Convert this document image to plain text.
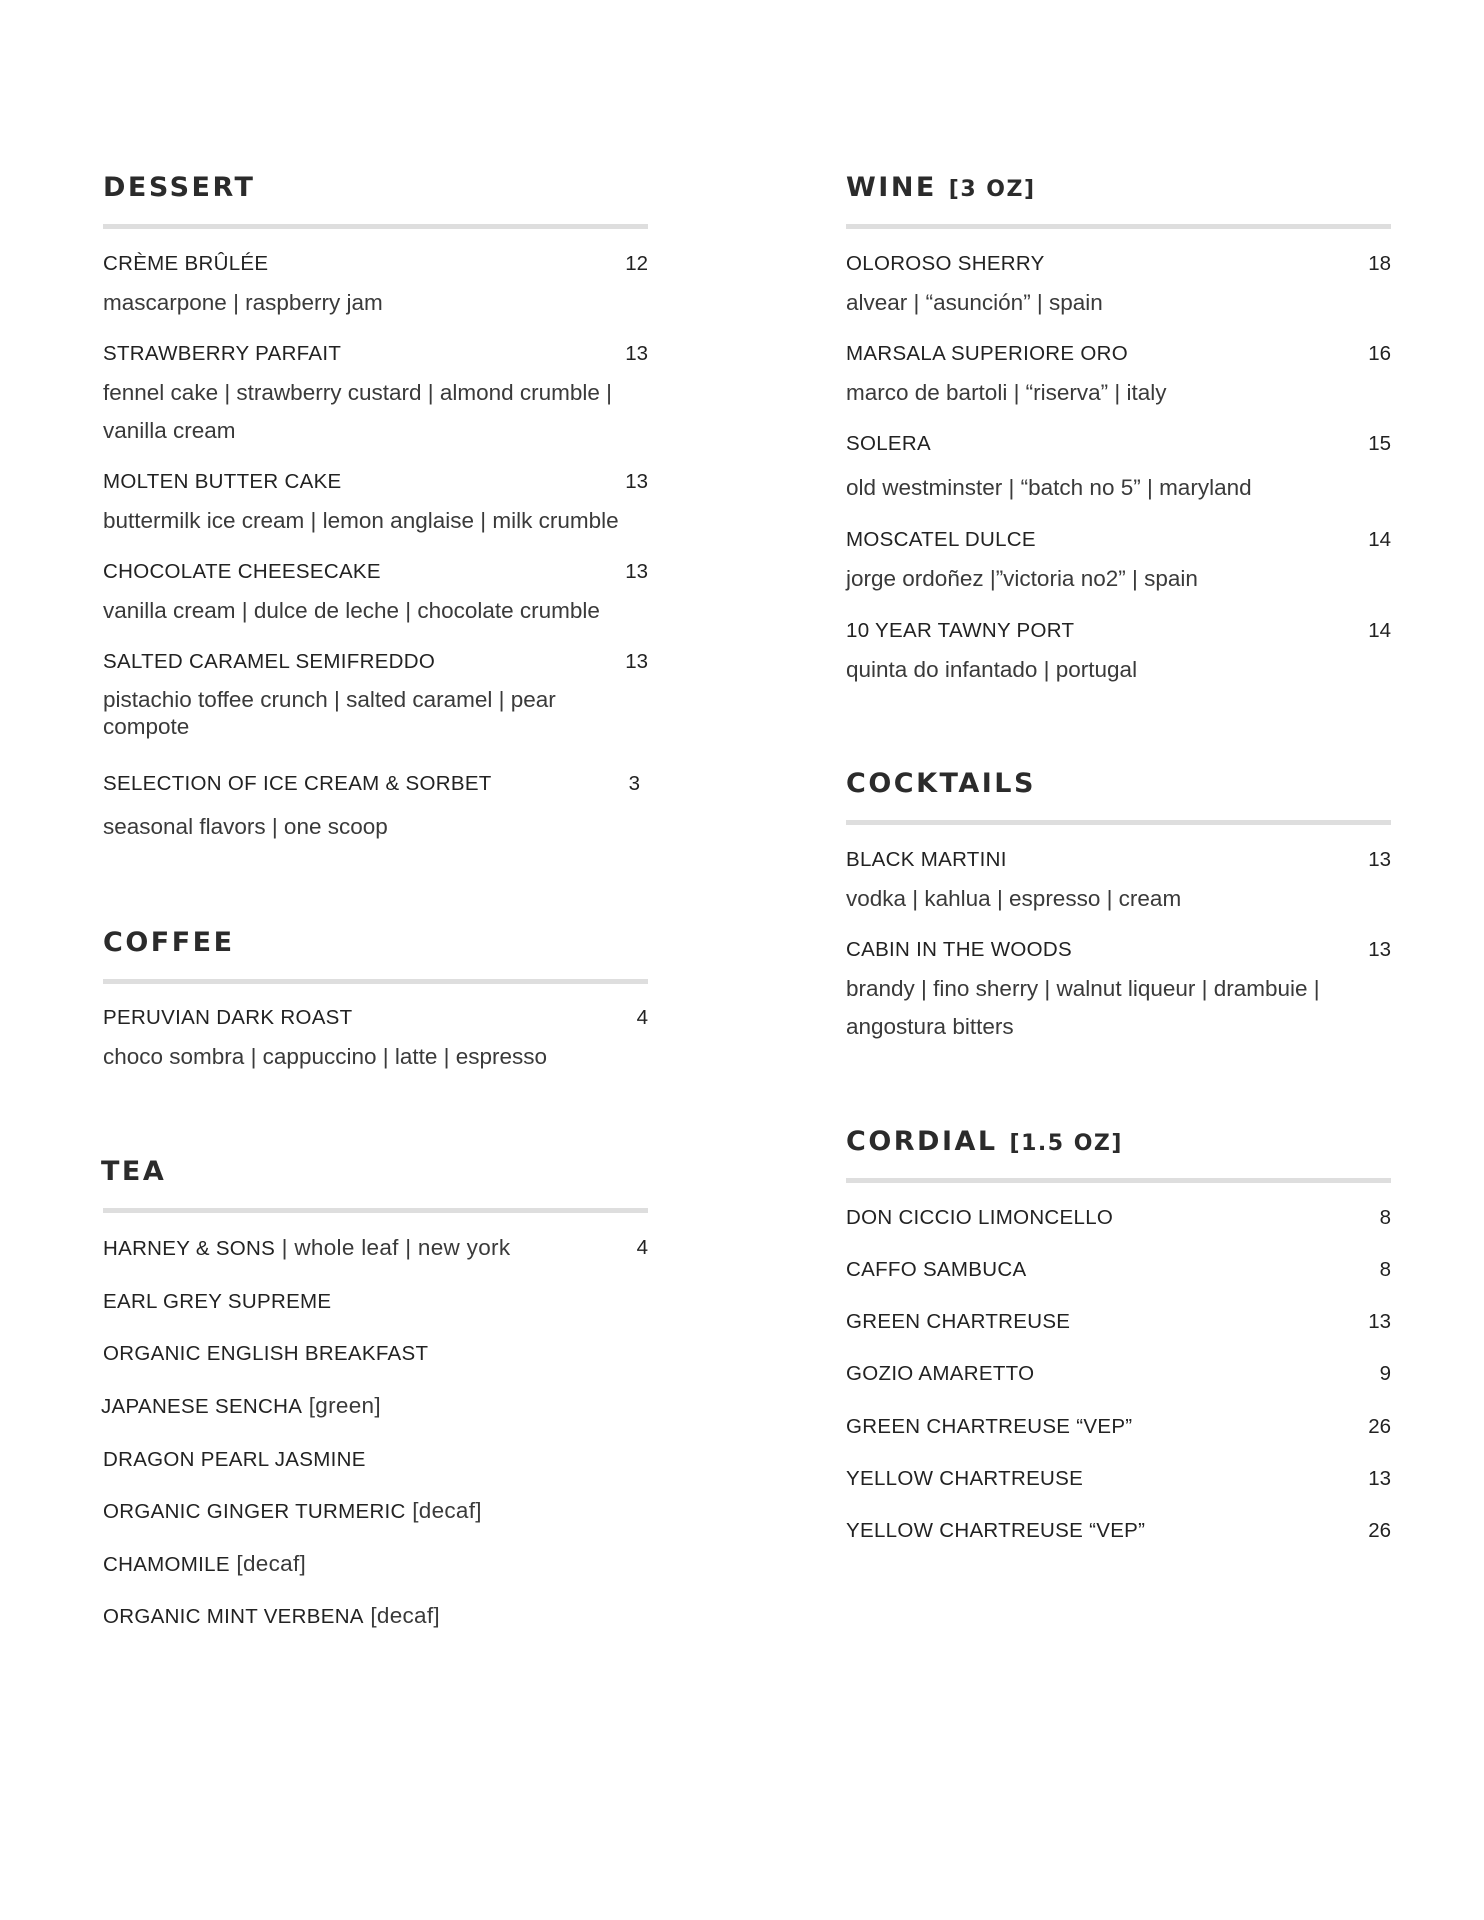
DESSERT
CRÈME BRÛLÉE	12
mascarpone | raspberry jam
STRAWBERRY PARFAIT	13
fennel cake | strawberry custard | almond crumble | vanilla cream
MOLTEN BUTTER CAKE	13
buttermilk ice cream | lemon anglaise | milk crumble
CHOCOLATE CHEESECAKE	13
vanilla cream | dulce de leche | chocolate crumble
SALTED CARAMEL SEMIFREDDO	13
pistachio toffee crunch | salted caramel | pear compote
SELECTION OF ICE CREAM & SORBET	3
seasonal flavors | one scoop
COFFEE
PERUVIAN DARK ROAST	4
choco sombra | cappuccino | latte | espresso
TEA
HARNEY & SONS | whole leaf | new york	4
EARL GREY SUPREME
ORGANIC ENGLISH BREAKFAST
JAPANESE SENCHA [green]
DRAGON PEARL JASMINE
ORGANIC GINGER TURMERIC [decaf]
CHAMOMILE [decaf]
ORGANIC MINT VERBENA [decaf]
WINE [3 OZ]
OLOROSO SHERRY	18
alvear | “asunción” | spain
MARSALA SUPERIORE ORO	16
marco de bartoli | “riserva” | italy
SOLERA	15
old westminster | “batch no 5” | maryland
MOSCATEL DULCE	14
jorge ordoñez |”victoria no2” | spain
10 YEAR TAWNY PORT	14
quinta do infantado | portugal
COCKTAILS
BLACK MARTINI	13
vodka | kahlua | espresso | cream
CABIN IN THE WOODS	13
brandy | fino sherry | walnut liqueur | drambuie | angostura bitters
CORDIAL [1.5 OZ]
DON CICCIO LIMONCELLO	8
CAFFO SAMBUCA	8
GREEN CHARTREUSE	13
GOZIO AMARETTO	9
GREEN CHARTREUSE “VEP”	26
YELLOW CHARTREUSE	13
YELLOW CHARTREUSE “VEP”	26
